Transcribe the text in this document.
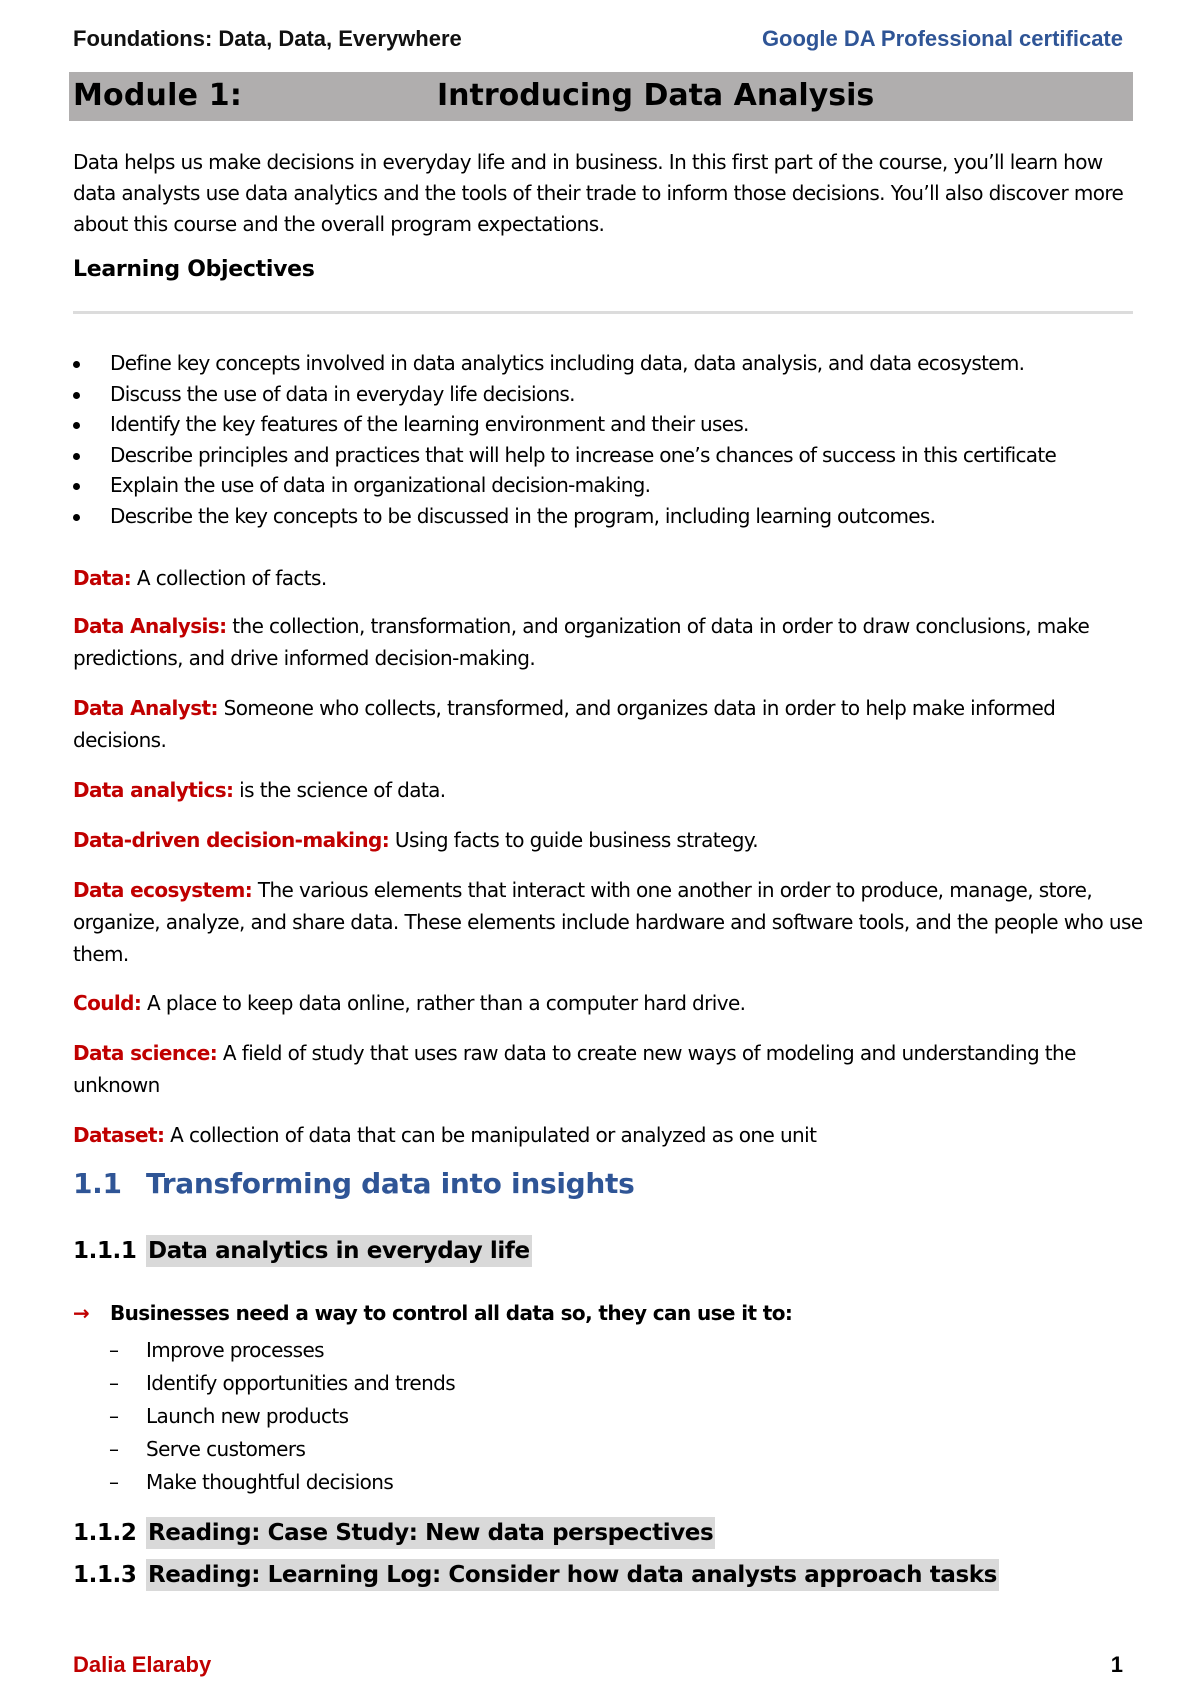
Foundations: Data, Data, Everywhere	Google DA Professional certificate
Module 1:	Introducing Data Analysis
Data helps us make decisions in everyday life and in business. In this first part of the course, you’ll learn how data analysts use data analytics and the tools of their trade to inform those decisions. You’ll also discover more about this course and the overall program expectations.
Learning Objectives
Define key concepts involved in data analytics including data, data analysis, and data ecosystem.
Discuss the use of data in everyday life decisions.
Identify the key features of the learning environment and their uses.
Describe principles and practices that will help to increase one’s chances of success in this certificate
Explain the use of data in organizational decision-making.
Describe the key concepts to be discussed in the program, including learning outcomes.
Data: A collection of facts.
Data Analysis: the collection, transformation, and organization of data in order to draw conclusions, make predictions, and drive informed decision-making.
Data Analyst: Someone who collects, transformed, and organizes data in order to help make informed decisions.
Data analytics: is the science of data.
Data-driven decision-making: Using facts to guide business strategy.
Data ecosystem: The various elements that interact with one another in order to produce, manage, store, organize, analyze, and share data. These elements include hardware and software tools, and the people who use them.
Could: A place to keep data online, rather than a computer hard drive.
Data science: A field of study that uses raw data to create new ways of modeling and understanding the unknown
Dataset: A collection of data that can be manipulated or analyzed as one unit
1.1 Transforming data into insights
1.1.1 Data analytics in everyday life
→ Businesses need a way to control all data so, they can use it to:
– Improve processes
– Identify opportunities and trends
– Launch new products
– Serve customers
– Make thoughtful decisions
1.1.2 Reading: Case Study: New data perspectives
1.1.3 Reading: Learning Log: Consider how data analysts approach tasks
Dalia Elaraby	1
